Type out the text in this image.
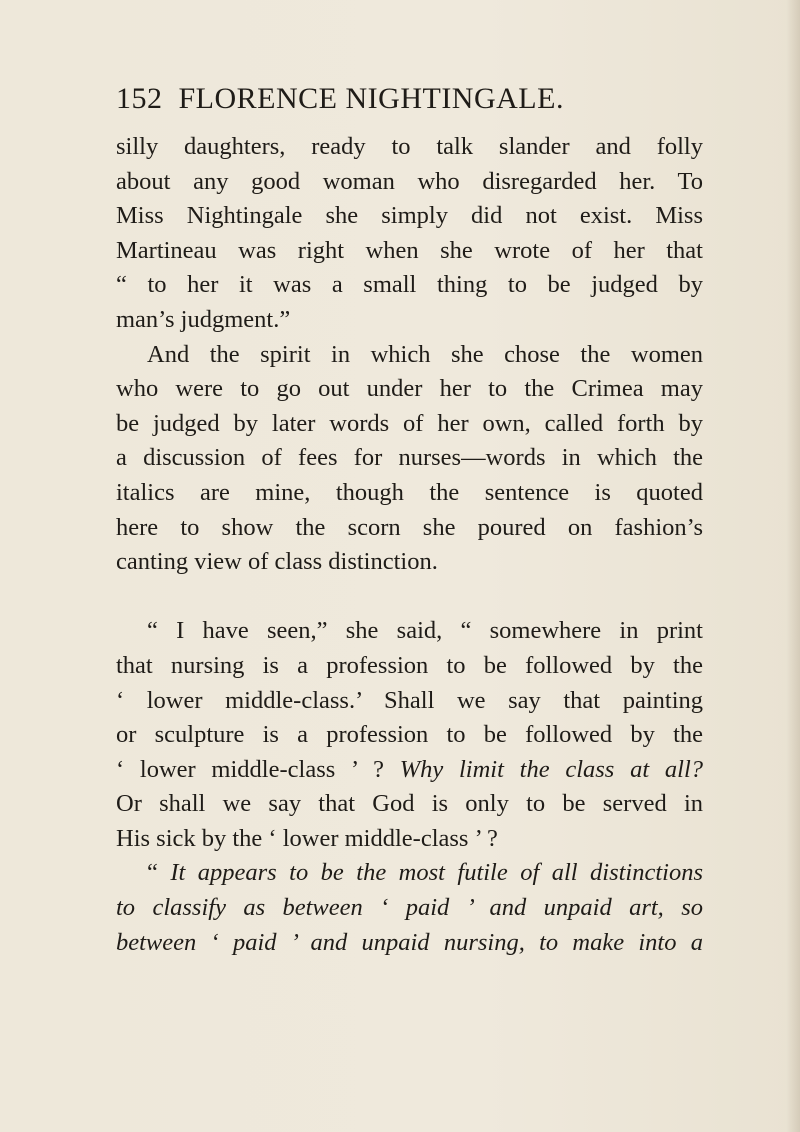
152 FLORENCE NIGHTINGALE.
silly daughters, ready to talk slander and folly
about any good woman who disregarded her. To
Miss Nightingale she simply did not exist. Miss
Martineau was right when she wrote of her that
“ to her it was a small thing to be judged by
man’s judgment.”
And the spirit in which she chose the women
who were to go out under her to the Crimea may
be judged by later words of her own, called forth by
a discussion of fees for nurses—words in which the
italics are mine, though the sentence is quoted
here to show the scorn she poured on fashion’s
canting view of class distinction.
“ I have seen,” she said, “ somewhere in print
that nursing is a profession to be followed by the
‘ lower middle-class.’ Shall we say that painting
or sculpture is a profession to be followed by the
‘ lower middle-class ’ ? Why limit the class at all?
Or shall we say that God is only to be served in
His sick by the ‘ lower middle-class ’ ?
“ It appears to be the most futile of all distinctions
to classify as between ‘ paid ’ and unpaid art, so
between ‘ paid ’ and unpaid nursing, to make into a
